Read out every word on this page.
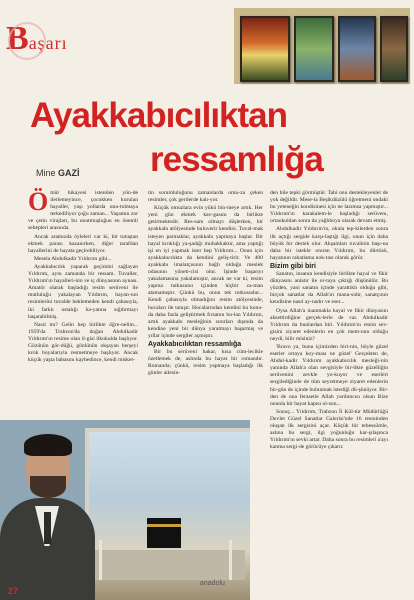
Başarı
Ayakkabıcılıktan
ressamlığa
Mine GAZİ
Ö mür hikayesi istenilen yön-de ilerlemeyince, çocukken kurulan hayaller, yaşı yollarda unu-tulmaya terkediliyor çoğu zaman... Yaşamın zor ve çetin virajları, bu unutmuşluğun en önemli sebepleri arasında.

Ancak aramızda öyleleri var ki, bir tutuştan ekmek parası kazanırken, diğer tarafdan hayallerini de hayata geçirebiliyor.

Mesela Abdulkadir Yıldırım gibi...

Ayakkabıcılık yaparak geçimini sağlayan Yıldırım, aynı zamanda bir ressam. Tuvaller, Yıldırım'ın hayalleri-nin ve iç dünyasının aynası. Amatör olarak başladığı resim serüveni ile mutluluğu yakalayan Yıldırım, hayatı-nın resimlerini tuvalde beklemeden kendi çabasıyla, iki farklı ustalığı ha-yatına sığdırmayı başarabilmiş.

Nasıl mı? Gelin hep birlikte öğre-nelim... 1959'da Trabzon'da doğan Abdulkadir Yıldırım'ın resime olan il-gisi ilkokulda başlıyor. Gözünün gör-düğü, gönlünün okşayan herşeyi kırık boyalarıyla resmetmeye başlıyor. Ancak küçük yaşta babasını kaybedince, kendi misket-

tin sorumluluğunu zamanlarda omu-za çeken resimler, çok gerilerde kalı-yor.

Küçük omuzlara evin yükü bin-meye artık. Her yeni gün ekmek kav-gasını da birlikte getirmektedir. Res-sam olmayı düşlerken, bir ayakkabı atölyesinde buluverir kendini. Tuval-mak isteyen parmaklar, ayakkabı yapmaya başlar. Bir hayal kırıklığı ya-şadığı muhakkaktır, ama yaptığı işi en iyi yapmak ister hep Yıldırım... Onun için ayakkabıcılıkta da kendini geliş-tirir. Ve 400 ayakkabı imalatçısının bağlı olduğu meslek odasının yöneti-cisi olur. Işinde başarıyı yakalamasına yakalamıştır, ancak ne var ki, resim yapma tutkusunu içinden hiçbir za-man atamamıştır. Çünkü bu, onun tek tutkusudur... Kendi çabasıyla olmadığını resim atölyesinde, hocaları ile tanışır. Hocalarından kendini bu konu-da daha fazla geliştirmek fırsatını bu-lan Yıldırım, artık ayakkabı mesleğinin sınırları dışında da kendine yeni bir dünya yaratmayı başarmış ve yıllar içinde sergiler açmıştır.

Ayakkabıcılıktan ressamlığa

Bir bu serüveni bakar, kısa cüm-lecikle özetlemek de, aslında bu hayat bir romandır. Romanda; çünkü, resim yapmaya başladığı ilk günler ailesin-

den bile tepki görmüştür. Tabi onu destekleyenler de yok değildir. Mese-la Beşikdüzülü öğretmeni ondaki bu yeteneğin kondisinesi için ne lazımsa yapmıştır... Yıldırım'ın karakalem-le başladığı serüvenı, ortaokuldan sonra da yağlıboya olarak devam etmiş.

Abdulkadir Yıldırım'ın, okula tep-kilerden sonra ilk açtığı sergide karşı-laştığı ilgi, onun için daha büyük bir destek olur. Akşamları tuvalinin başı-na daha bir istekle oturan Yıldırım, bu dürtüsü, hayatının rahatlama nok-tası olarak görür.

Bizim gibi biri

Sanatın, insanın kendisiyle birlikte hayal ve fikir dünyasını anlatır ile or-taya çıktığı düşünülür. Bu yüzden, yani sanatın içinde yarattıklı olduğu gibi, birçok sanatlar da Allah'ın mana-sıdır, sanatçının kendisine nasıl ay-nadır ve eser...

Oysa Allah'a inanmakla hayal ve fikir dünyasını aksettirdiğine gerçek-lerle de var. Abdulkadir Yıldırım da bunlardan biri. Yıldırım'ın resim sev-gisini ziyaret edenlerin en çok mem-nun olduğu neydi, bilir misiniz?

'Bravo ya, bunu içimizden biri-nin, böyle güzel eserler ortaya koy-ması ne güzel' Gerçekten de, Abdul-kadir Yıldırım ayakkabıcılık mesleği-nin yanında Allah'a olan sevgisiyle bir-likte güzelliğin serüvenini zevkle yo-kuyor ve eserleri sergilediğinde de tüm seyretmeye ziyaret edenlerin bir-gün de içinde bulunmak istediği dü-şünüyor. Bir-den de ona ferasetle Allah yardımcısı olsun Bize onunla bir hayat kapısı ol-sun...

Sonuç... Yıldırım, Trabzon İl Kül-tür Müdürlüğü Devlet Güzel Sanatlar Galerisi'nde 16 resminden oluşan ilk sergisini açar. Küçük bir tebessümle, aslına bu sergi, ilgi yoğunluğu kar-şılaşınca Yıldırım'ın sevki artar. Daha sonra bu resimleri a'ayı kanma sergi-de görücüye çıkarır.

27
anadolu
